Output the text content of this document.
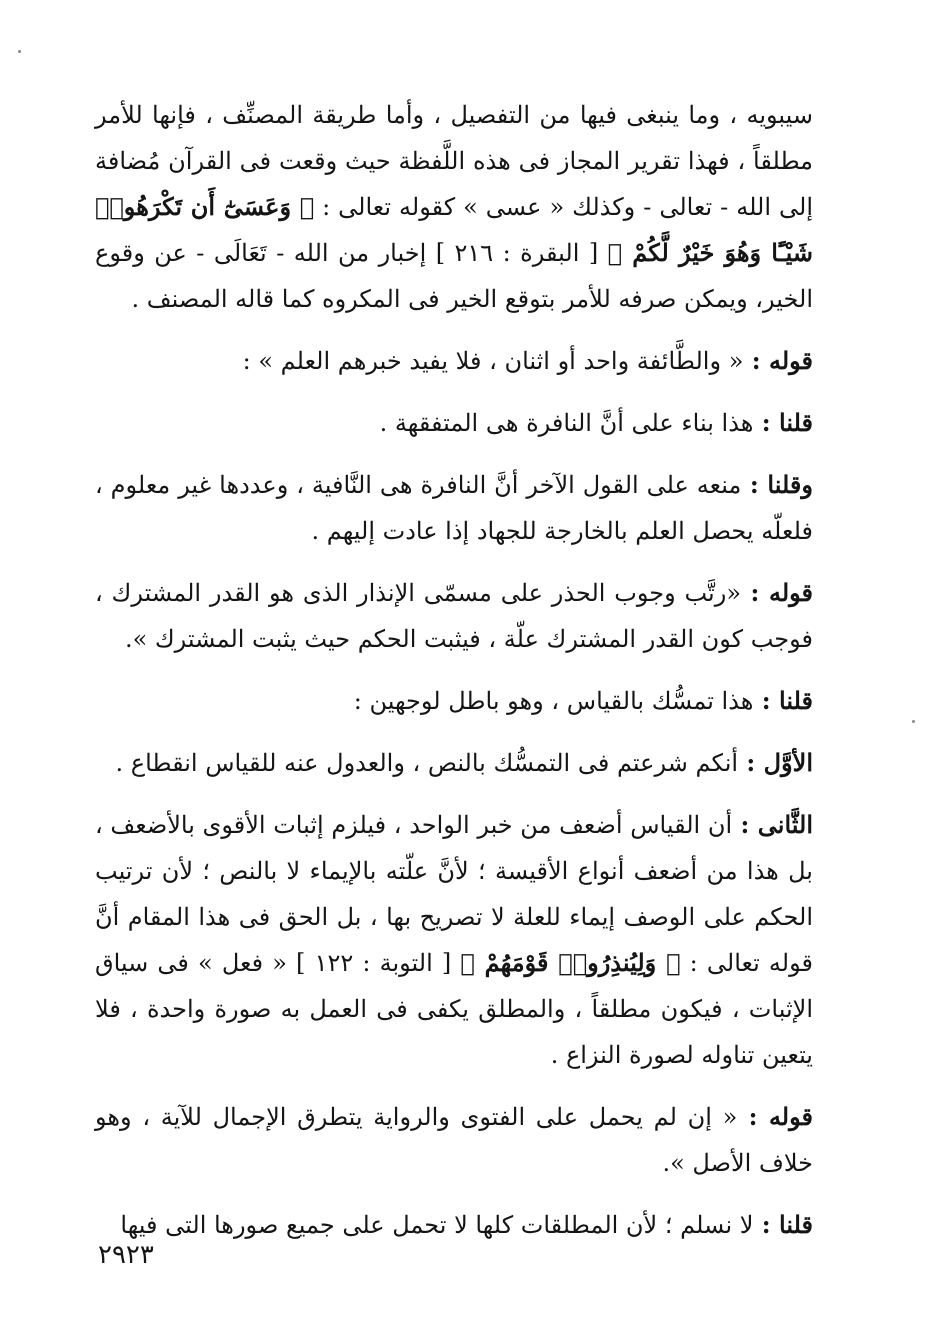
سيبويه ، وما ينبغى فيها من التفصيل ، وأما طريقة المصنِّف ، فإنها للأمر مطلقاً ، فهذا تقرير المجاز فى هذه اللَّفظة حيث وقعت فى القرآن مُضافة إلى الله - تعالى - وكذلك « عسى » كقوله تعالى : ﴿ وَعَسَىٰٓ أَن تَكْرَهُوا۟ شَيْـًٔا وَهُوَ خَيْرٌ لَّكُمْ ﴾ [ البقرة : ٢١٦ ] إخبار من الله - تَعَالَى - عن وقوع الخير، ويمكن صرفه للأمر بتوقع الخير فى المكروه كما قاله المصنف .

قوله : « والطَّائفة واحد أو اثنان ، فلا يفيد خبرهم العلم » :

قلنا : هذا بناء على أنَّ النافرة هى المتفقهة .

وقلنا : منعه على القول الآخر أنَّ النافرة هى النَّافية ، وعددها غير معلوم ، فلعلّه يحصل العلم بالخارجة للجهاد إذا عادت إليهم .

قوله : «رتَّب وجوب الحذر على مسمّى الإنذار الذى هو القدر المشترك ، فوجب كون القدر المشترك علّة ، فيثبت الحكم حيث يثبت المشترك ».

قلنا : هذا تمسُّك بالقياس ، وهو باطل لوجهين :

الأوَّل : أنكم شرعتم فى التمسُّك بالنص ، والعدول عنه للقياس انقطاع .

الثَّانى : أن القياس أضعف من خبر الواحد ، فيلزم إثبات الأقوى بالأضعف ، بل هذا من أضعف أنواع الأقيسة ؛ لأنَّ علّته بالإيماء لا بالنص ؛ لأن ترتيب الحكم على الوصف إيماء للعلة لا تصريح بها ، بل الحق فى هذا المقام أنَّ قوله تعالى : ﴿ وَلِيُنذِرُوا۟ قَوْمَهُمْ ﴾ [ التوبة : ١٢٢ ] « فعل » فى سياق الإثبات ، فيكون مطلقاً ، والمطلق يكفى فى العمل به صورة واحدة ، فلا يتعين تناوله لصورة النزاع .

قوله : « إن لم يحمل على الفتوى والرواية يتطرق الإجمال للآية ، وهو خلاف الأصل ».

قلنا : لا نسلم ؛ لأن المطلقات كلها لا تحمل على جميع صورها التى فيها

٢٩٢٣
